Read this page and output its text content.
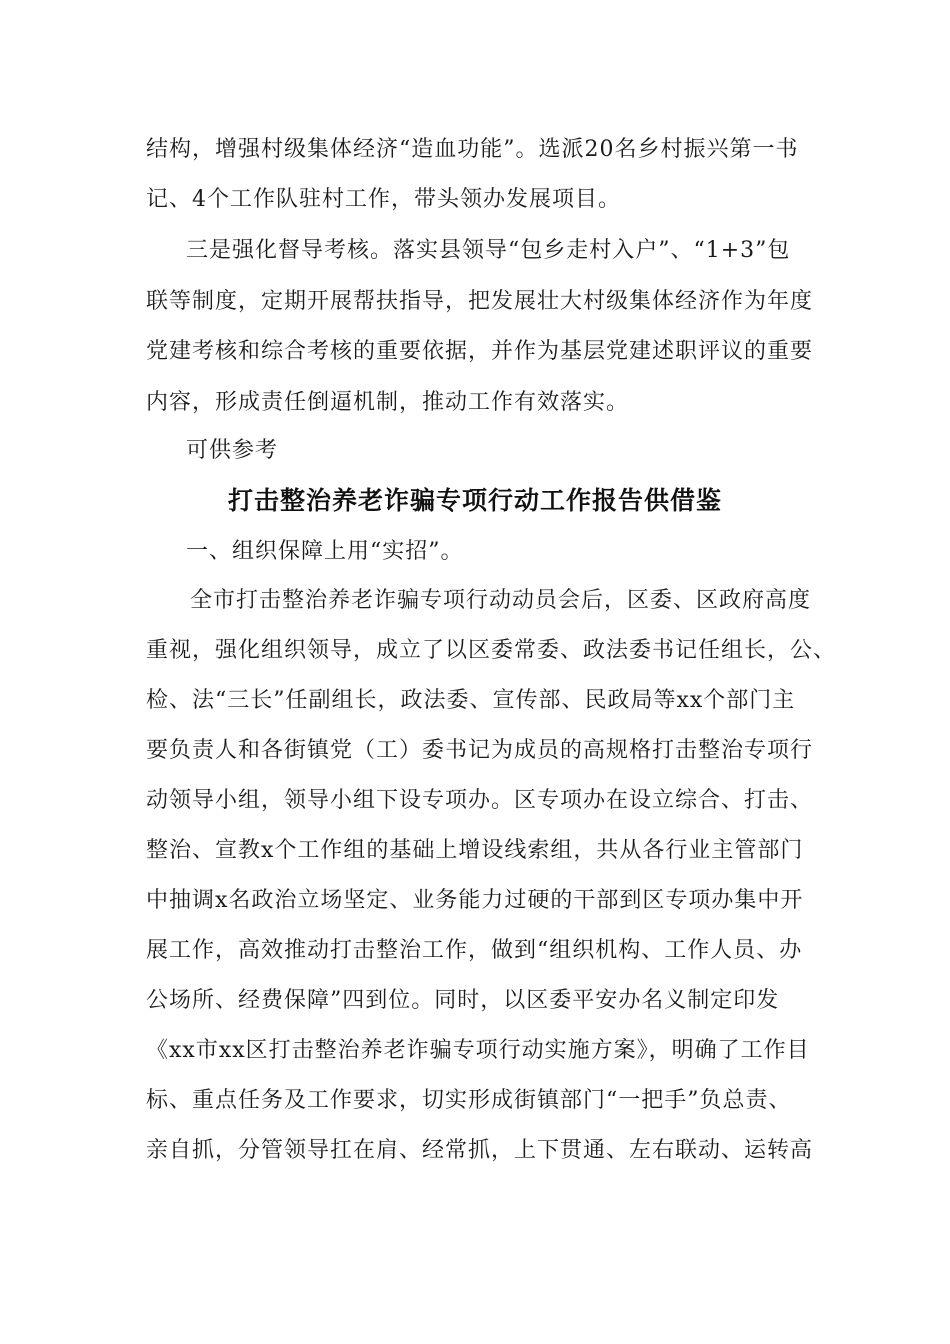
结构，增强村级集体经济“造血功能”。选派20名乡村振兴第一书
记、4个工作队驻村工作，带头领办发展项目。
三是强化督导考核。落实县领导“包乡走村入户”、“1+3”包
联等制度，定期开展帮扶指导，把发展壮大村级集体经济作为年度
党建考核和综合考核的重要依据，并作为基层党建述职评议的重要
内容，形成责任倒逼机制，推动工作有效落实。
可供参考
打击整治养老诈骗专项行动工作报告供借鉴
一、组织保障上用“实招”。
全市打击整治养老诈骗专项行动动员会后，区委、区政府高度
重视，强化组织领导，成立了以区委常委、政法委书记任组长，公、
检、法“三长”任副组长，政法委、宣传部、民政局等xx个部门主
要负责人和各街镇党（工）委书记为成员的高规格打击整治专项行
动领导小组，领导小组下设专项办。区专项办在设立综合、打击、
整治、宣教x个工作组的基础上增设线索组，共从各行业主管部门
中抽调x名政治立场坚定、业务能力过硬的干部到区专项办集中开
展工作，高效推动打击整治工作，做到“组织机构、工作人员、办
公场所、经费保障”四到位。同时，以区委平安办名义制定印发
《xx市xx区打击整治养老诈骗专项行动实施方案》，明确了工作目
标、重点任务及工作要求，切实形成街镇部门“一把手”负总责、
亲自抓，分管领导扛在肩、经常抓，上下贯通、左右联动、运转高
